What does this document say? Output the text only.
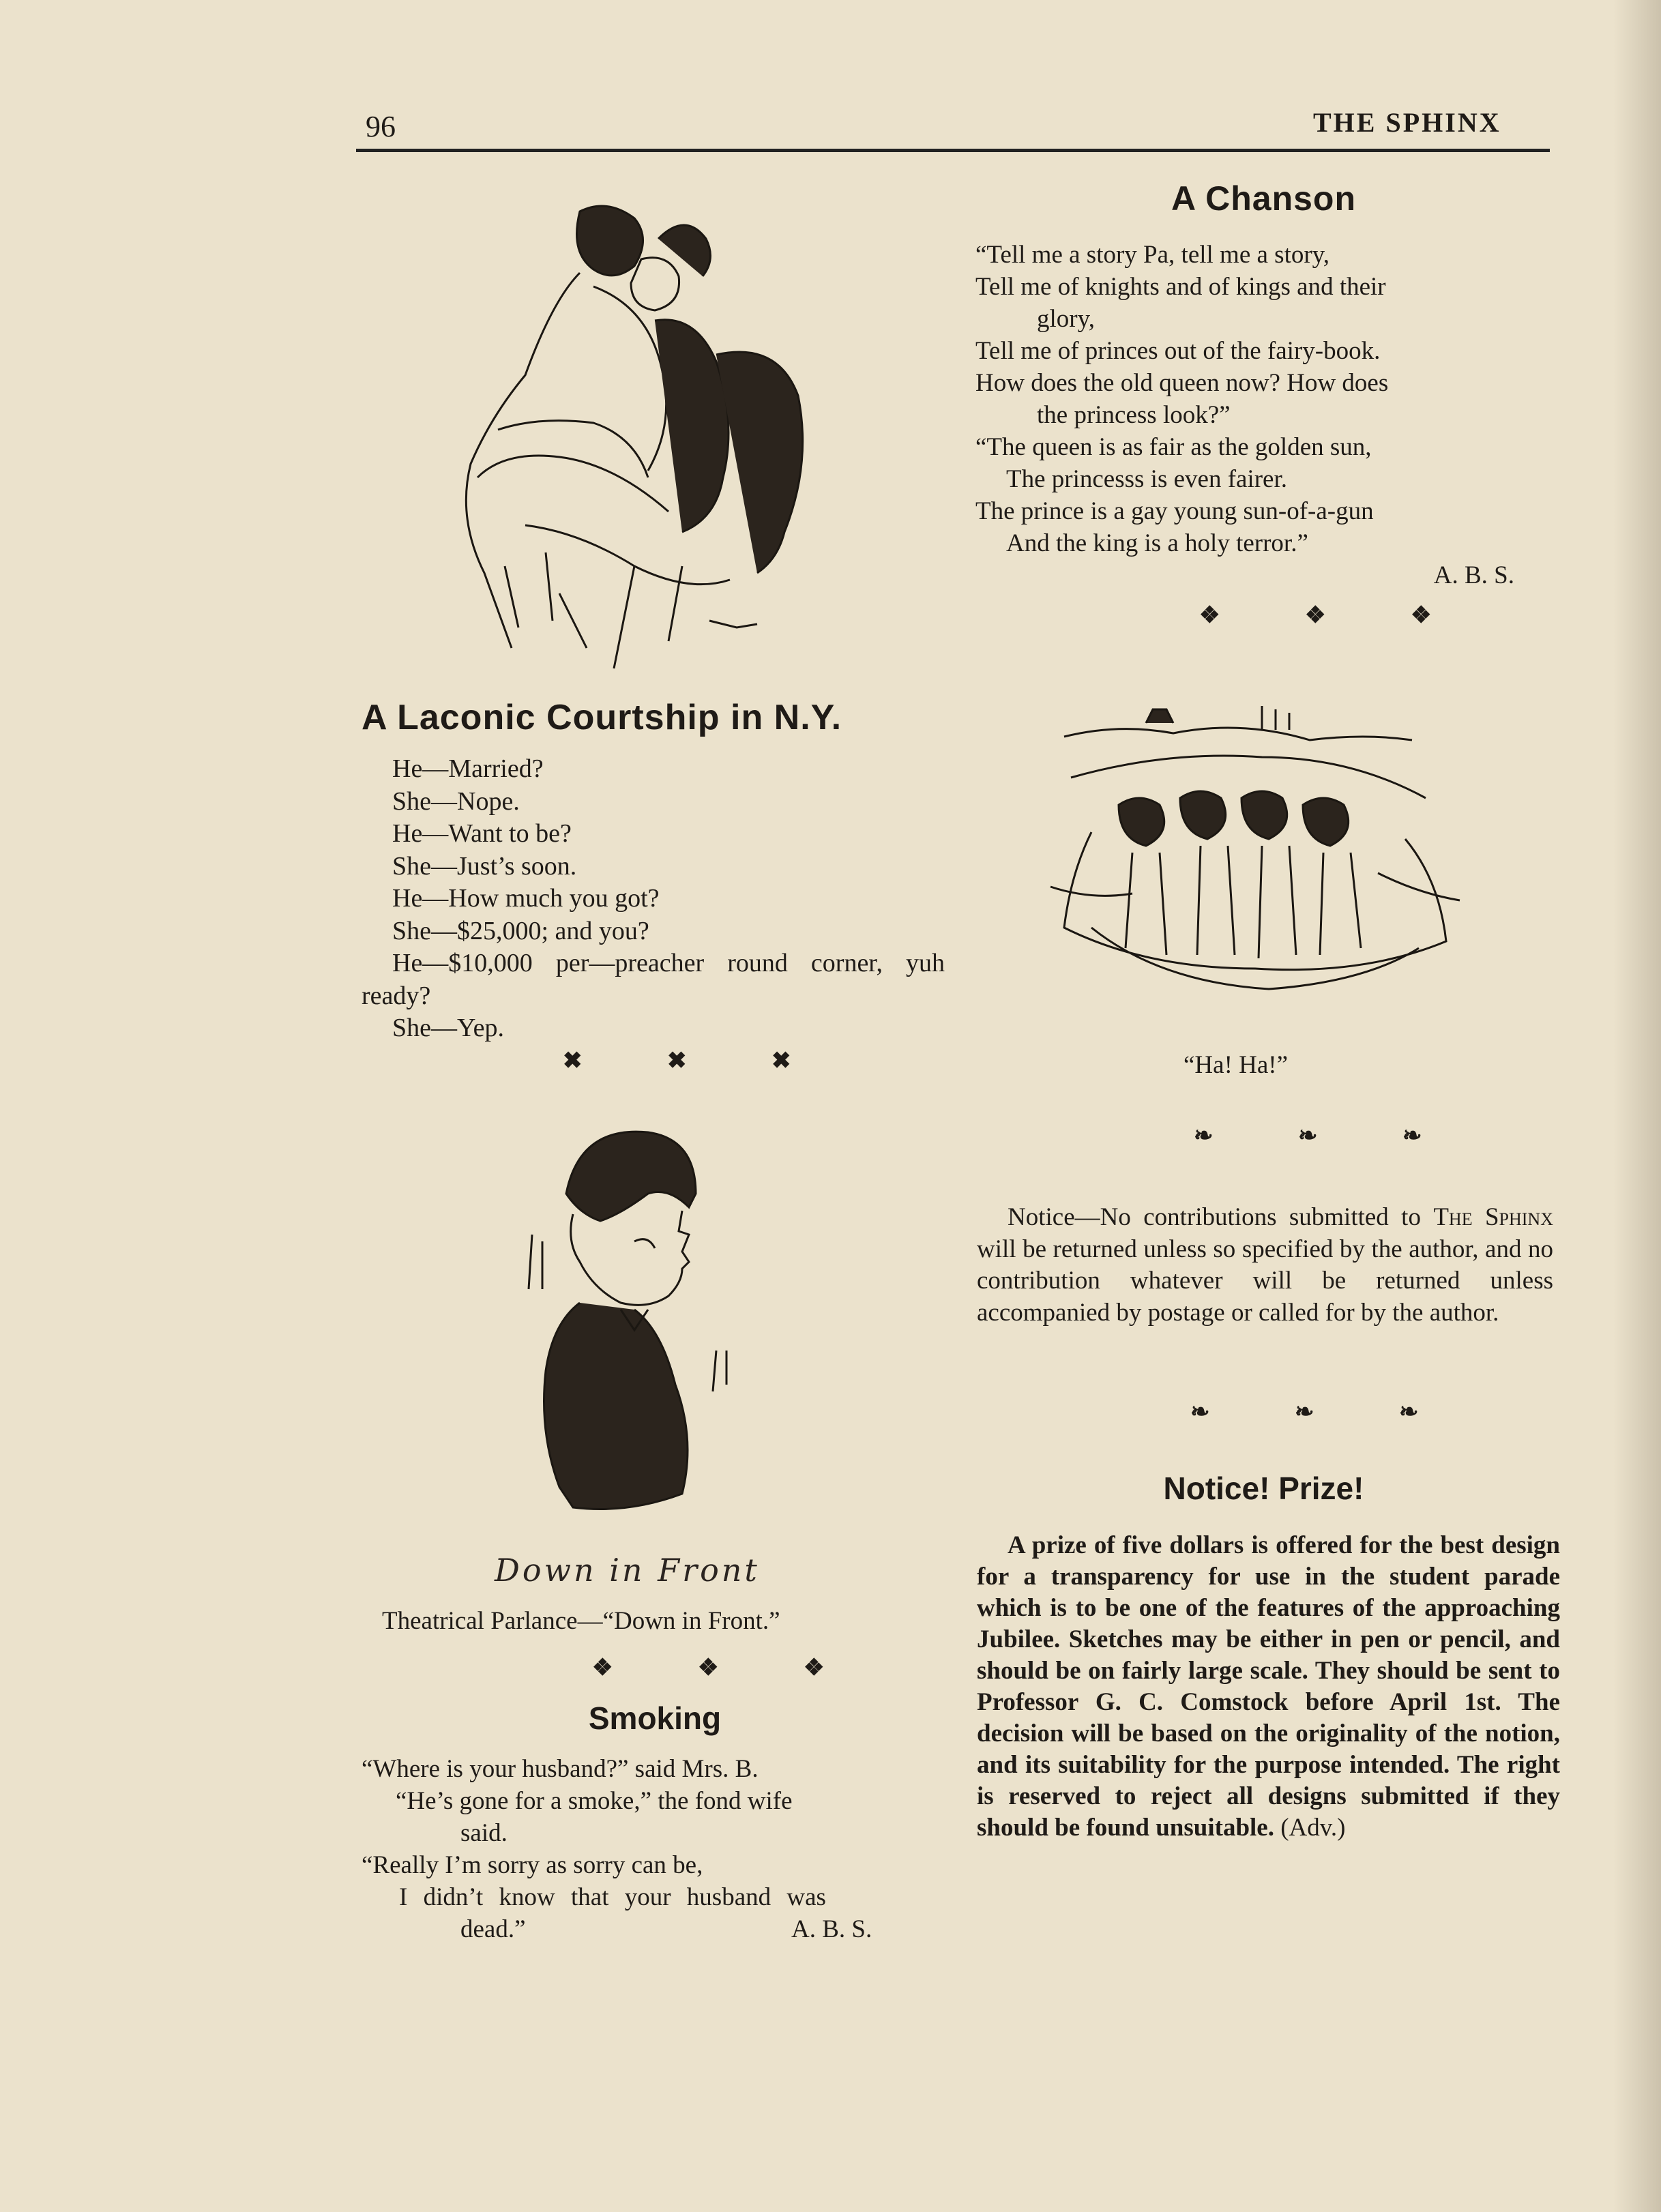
96	THE SPHINX
A Chanson
“Tell me a story Pa, tell me a story,
Tell me of knights and of kings and their
glory,
Tell me of princes out of the fairy-book.
How does the old queen now? How does
the princess look?”
“The queen is as fair as the golden sun,
The princesss is even fairer.
The prince is a gay young sun-of-a-gun
And the king is a holy terror.”
A. B. S.
❖ ❖ ❖
A Laconic Courtship in N.Y.
He—Married?
She—Nope.
He—Want to be?
She—Just’s soon.
He—How much you got?
She—$25,000; and you?
He—$10,000 per—preacher round corner, yuh ready?
She—Yep.
✖ ✖ ✖	“Ha! Ha!”
❧ ❧ ❧
Notice—No contributions submitted to The Sphinx will be returned unless so specified by the author, and no contribution whatever will be returned unless accompanied by postage or called for by the author.
❧ ❧ ❧
Down in Front
Theatrical Parlance—“Down in Front.”
❖ ❖ ❖
Smoking
“Where is your husband?” said Mrs. B.
“He’s gone for a smoke,” the fond wife
said.
“Really I’m sorry as sorry can be,
I didn’t know that your husband was
dead.”	A. B. S.
Notice! Prize!
A prize of five dollars is offered for the best design for a transparency for use in the student parade which is to be one of the features of the approaching Jubilee. Sketches may be either in pen or pencil, and should be on fairly large scale. They should be sent to Professor G. C. Comstock before April 1st. The decision will be based on the originality of the notion, and its suitability for the purpose intended. The right is reserved to reject all designs submitted if they should be found unsuitable. (Adv.)
